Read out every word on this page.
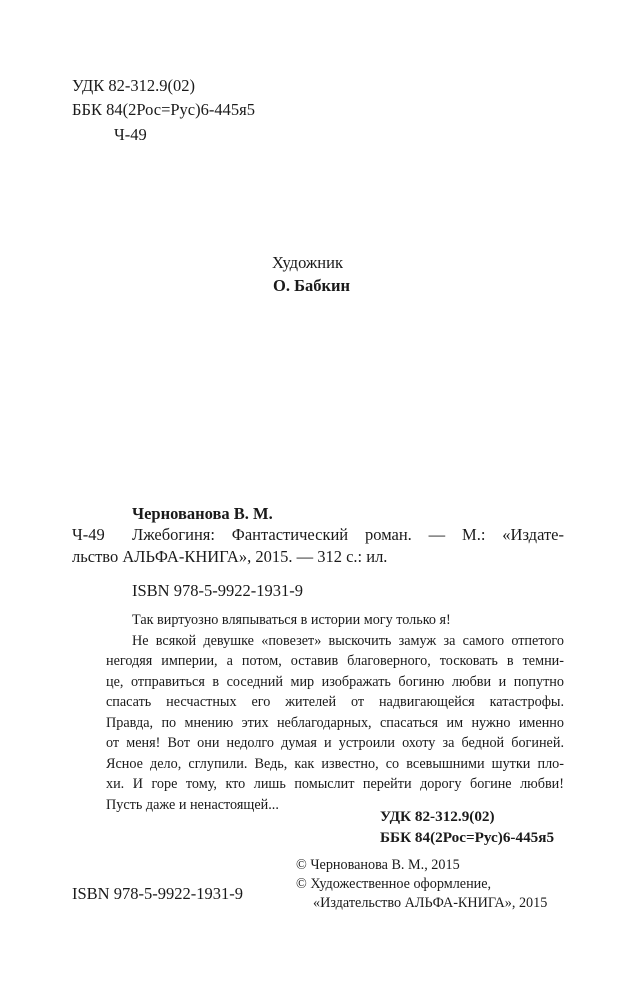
УДК 82-312.9(02)
ББК 84(2Рос=Рус)6-445я5
Ч-49
Художник
О. Бабкин
Чернованова В. М.
Ч-49 Лжебогиня: Фантастический роман. — М.: «Издате-
льство АЛЬФА-КНИГА», 2015. — 312 с.: ил.
ISBN 978-5-9922-1931-9
Так виртуозно вляпываться в истории могу только я!
Не всякой девушке «повезет» выскочить замуж за самого отпетого
негодяя империи, а потом, оставив благоверного, тосковать в темни-
це, отправиться в соседний мир изображать богиню любви и попутно
спасать несчастных его жителей от надвигающейся катастрофы.
Правда, по мнению этих неблагодарных, спасаться им нужно именно
от меня! Вот они недолго думая и устроили охоту за бедной богиней.
Ясное дело, сглупили. Ведь, как известно, со всевышними шутки пло-
хи. И горе тому, кто лишь помыслит перейти дорогу богине любви!
Пусть даже и ненастоящей...
УДК 82-312.9(02)
ББК 84(2Рос=Рус)6-445я5
© Чернованова В. М., 2015
© Художественное оформление,
«Издательство АЛЬФА-КНИГА», 2015
ISBN 978-5-9922-1931-9
